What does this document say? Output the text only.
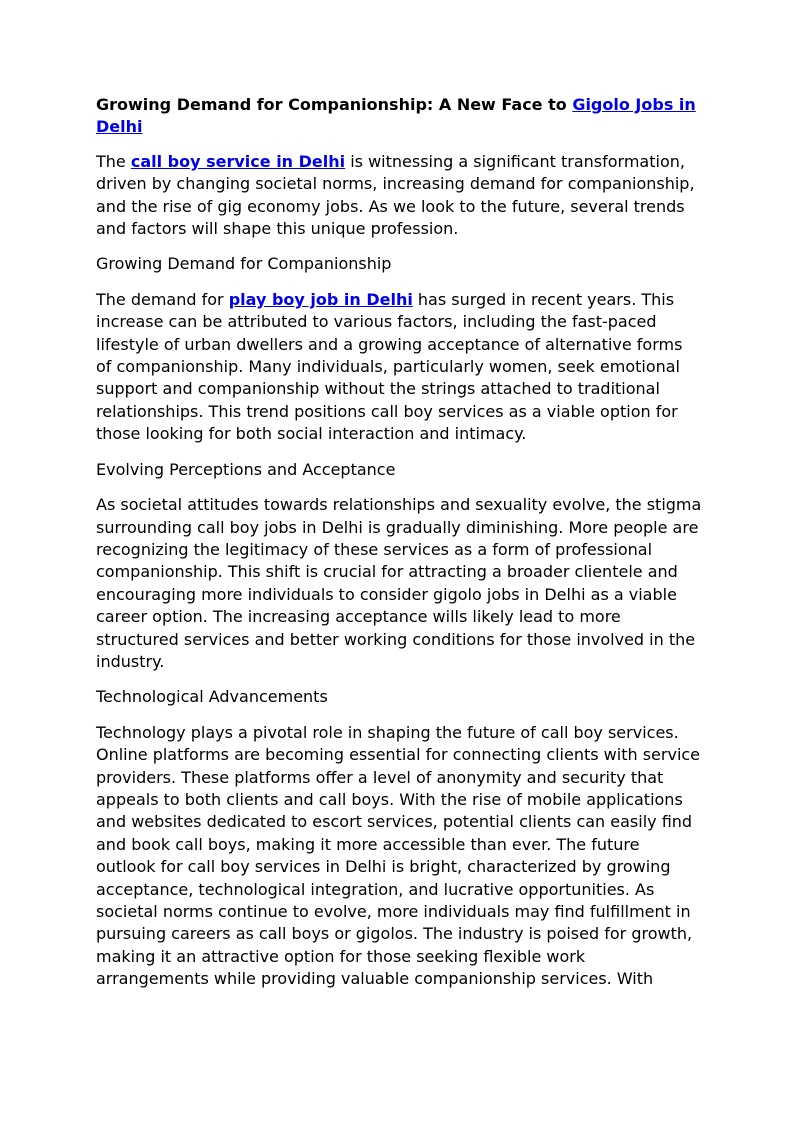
Growing Demand for Companionship: A New Face to Gigolo Jobs in Delhi

The call boy service in Delhi is witnessing a significant transformation, driven by changing societal norms, increasing demand for companionship, and the rise of gig economy jobs. As we look to the future, several trends and factors will shape this unique profession.

Growing Demand for Companionship

The demand for play boy job in Delhi has surged in recent years. This increase can be attributed to various factors, including the fast-paced lifestyle of urban dwellers and a growing acceptance of alternative forms of companionship. Many individuals, particularly women, seek emotional support and companionship without the strings attached to traditional relationships. This trend positions call boy services as a viable option for those looking for both social interaction and intimacy.

Evolving Perceptions and Acceptance

As societal attitudes towards relationships and sexuality evolve, the stigma surrounding call boy jobs in Delhi is gradually diminishing. More people are recognizing the legitimacy of these services as a form of professional companionship. This shift is crucial for attracting a broader clientele and encouraging more individuals to consider gigolo jobs in Delhi as a viable career option. The increasing acceptance wills likely lead to more structured services and better working conditions for those involved in the industry.

Technological Advancements

Technology plays a pivotal role in shaping the future of call boy services. Online platforms are becoming essential for connecting clients with service providers. These platforms offer a level of anonymity and security that appeals to both clients and call boys. With the rise of mobile applications and websites dedicated to escort services, potential clients can easily find and book call boys, making it more accessible than ever. The future outlook for call boy services in Delhi is bright, characterized by growing acceptance, technological integration, and lucrative opportunities. As societal norms continue to evolve, more individuals may find fulfillment in pursuing careers as call boys or gigolos. The industry is poised for growth, making it an attractive option for those seeking flexible work arrangements while providing valuable companionship services. With
